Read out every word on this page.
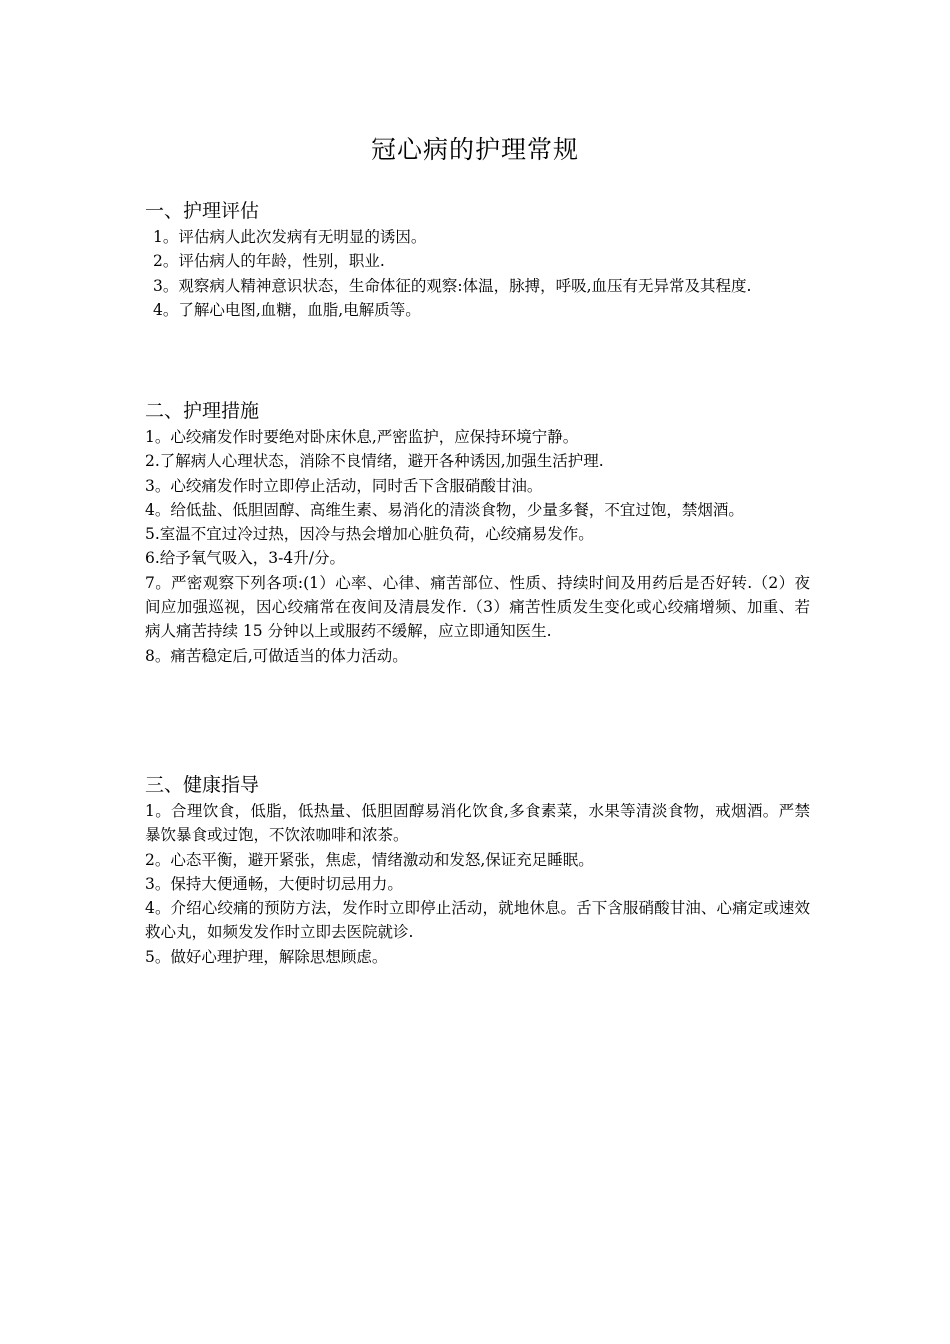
冠心病的护理常规
一、护理评估

1。评估病人此次发病有无明显的诱因。

2。评估病人的年龄，性别，职业.

3。观察病人精神意识状态，生命体征的观察:体温，脉搏，呼吸,血压有无异常及其程度.

4。了解心电图,血糖，血脂,电解质等。

二、护理措施

1。心绞痛发作时要绝对卧床休息,严密监护，应保持环境宁静。

2.了解病人心理状态，消除不良情绪，避开各种诱因,加强生活护理.

3。心绞痛发作时立即停止活动，同时舌下含服硝酸甘油。

4。给低盐、低胆固醇、高维生素、易消化的清淡食物，少量多餐，不宜过饱，禁烟酒。

5.室温不宜过冷过热，因冷与热会增加心脏负荷，心绞痛易发作。

6.给予氧气吸入，3-4升/分。

7。严密观察下列各项:(1）心率、心律、痛苦部位、性质、持续时间及用药后是否好转.（2）夜间应加强巡视，因心绞痛常在夜间及清晨发作.（3）痛苦性质发生变化或心绞痛增频、加重、若病人痛苦持续 15 分钟以上或服药不缓解，应立即通知医生.

8。痛苦稳定后,可做适当的体力活动。

三、健康指导

1。合理饮食，低脂，低热量、低胆固醇易消化饮食,多食素菜，水果等清淡食物，戒烟酒。严禁暴饮暴食或过饱，不饮浓咖啡和浓茶。

2。心态平衡，避开紧张，焦虑，情绪激动和发怒,保证充足睡眠。

3。保持大便通畅，大便时切忌用力。

4。介绍心绞痛的预防方法，发作时立即停止活动，就地休息。舌下含服硝酸甘油、心痛定或速效救心丸，如频发发作时立即去医院就诊.

5。做好心理护理，解除思想顾虑。
